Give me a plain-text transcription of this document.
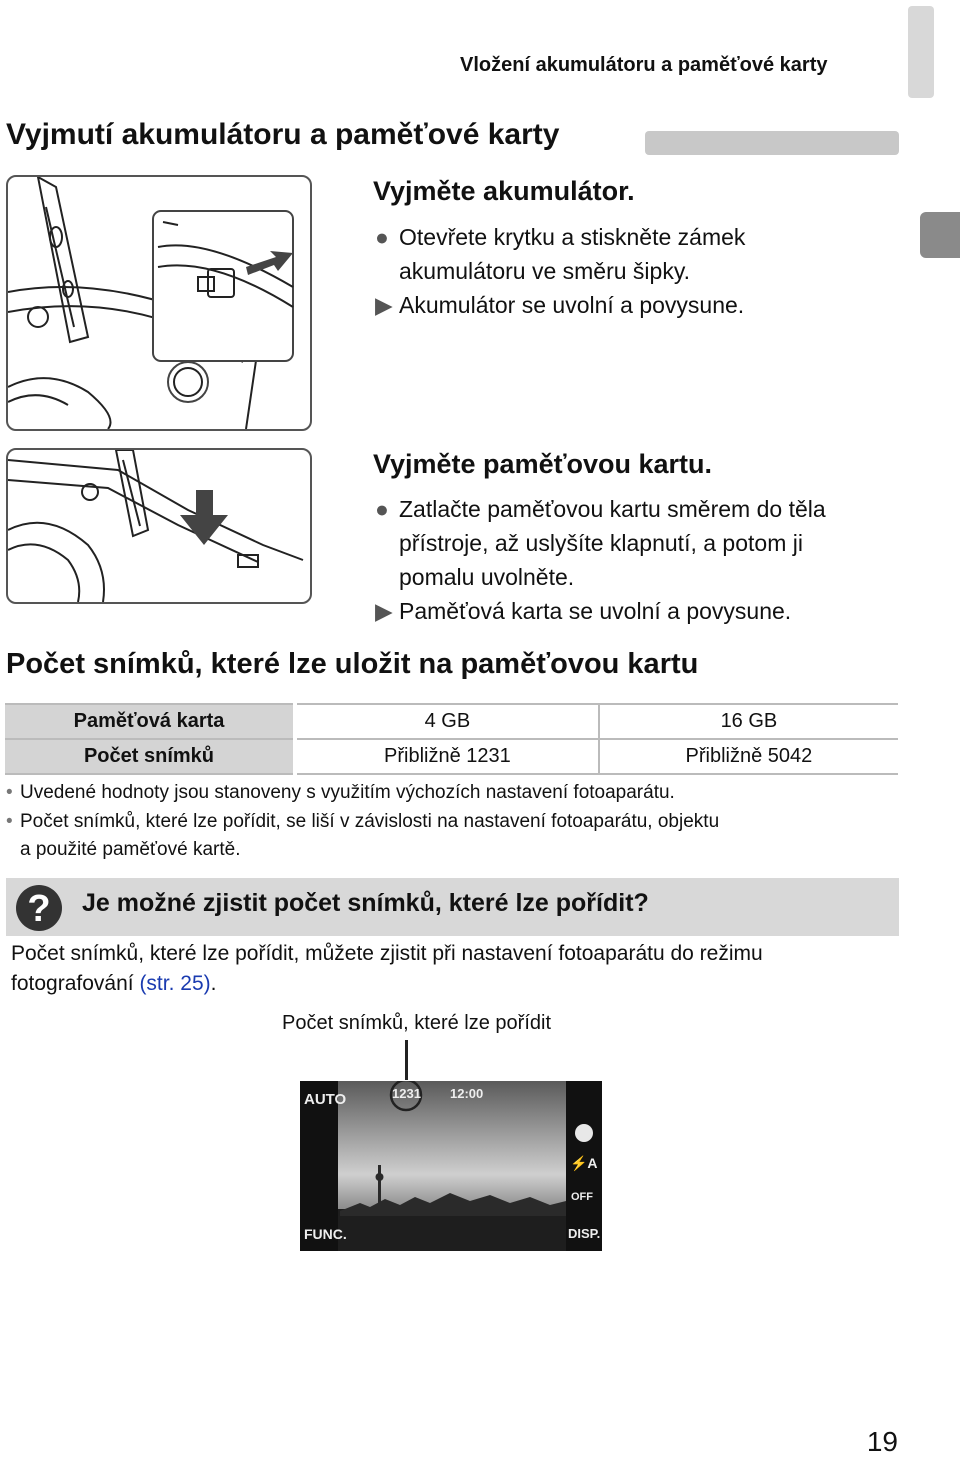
Vložení akumulátoru a paměťové karty
Vyjmutí akumulátoru a paměťové karty
Vyjměte akumulátor.
● Otevřete krytku a stiskněte zámek
akumulátoru ve směru šipky.
▶ Akumulátor se uvolní a povysune.
Vyjměte paměťovou kartu.
● Zatlačte paměťovou kartu směrem do těla
přístroje, až uslyšíte klapnutí, a potom ji
pomalu uvolněte.
▶ Paměťová karta se uvolní a povysune.
Počet snímků, které lze uložit na paměťovou kartu
Paměťová karta	4 GB	16 GB
Počet snímků	Přibližně 1231	Přibližně 5042
• Uvedené hodnoty jsou stanoveny s využitím výchozích nastavení fotoaparátu.
• Počet snímků, které lze pořídit, se liší v závislosti na nastavení fotoaparátu, objektu
a použité paměťové kartě.
?	Je možné zjistit počet snímků, které lze pořídit?
Počet snímků, které lze pořídit, můžete zjistit při nastavení fotoaparátu do režimu
fotografování (str. 25).
Počet snímků, které lze pořídit
AUTO	1231 12:00
⚡A
OFF
FUNC.	DISP.
19
